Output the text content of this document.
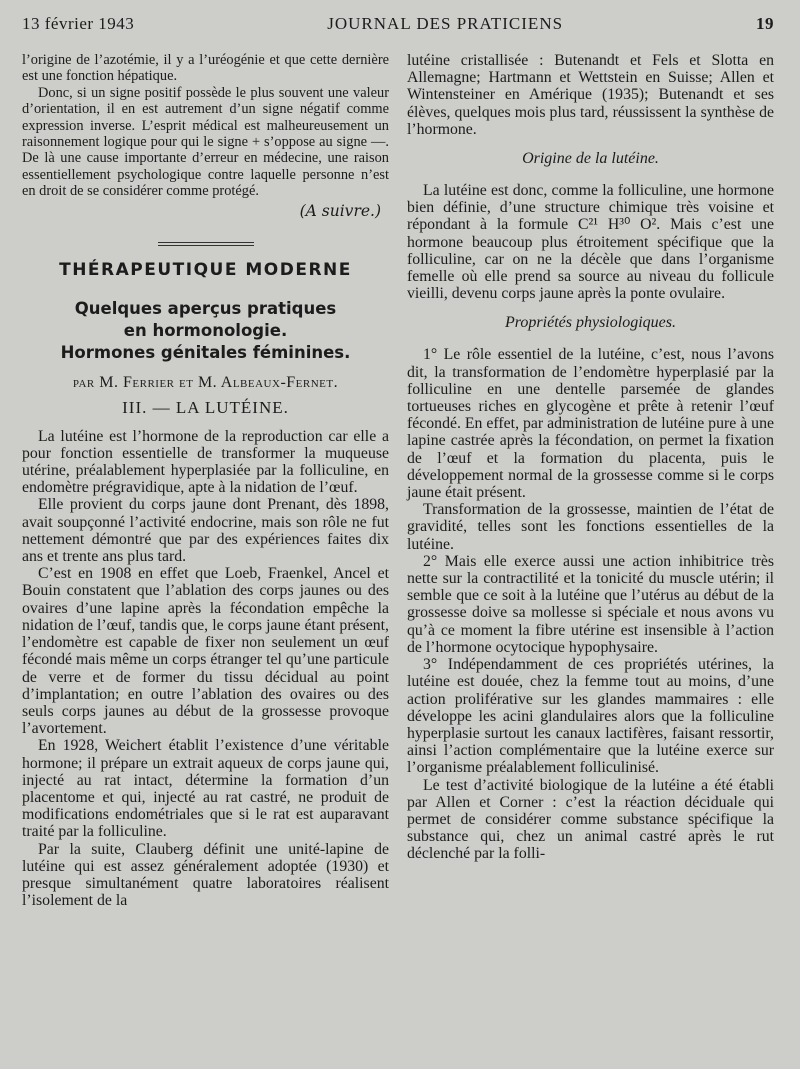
13 février 1943	JOURNAL DES PRATICIENS	19

l’origine de l’azotémie, il y a l’uréogénie et que cette dernière est une fonction hépatique.

Donc, si un signe positif possède le plus souvent une valeur d’orientation, il en est autrement d’un signe négatif comme expression inverse. L’esprit médical est malheureusement un raisonnement logique pour qui le signe + s’oppose au signe —. De là une cause importante d’erreur en médecine, une raison essentiellement psychologique contre laquelle personne n’est en droit de se considérer comme protégé.

(A suivre.)
THÉRAPEUTIQUE MODERNE
Quelques aperçus pratiques
en hormonologie.
Hormones génitales féminines.
par M. Ferrier et M. Albeaux-Fernet.
III. — LA LUTÉINE.

La lutéine est l’hormone de la reproduction car elle a pour fonction essentielle de transformer la muqueuse utérine, préalablement hyperplasiée par la folliculine, en endomètre prégravidique, apte à la nidation de l’œuf.

Elle provient du corps jaune dont Prenant, dès 1898, avait soupçonné l’activité endocrine, mais son rôle ne fut nettement démontré que par des expériences faites dix ans et trente ans plus tard.

C’est en 1908 en effet que Loeb, Fraenkel, Ancel et Bouin constatent que l’ablation des corps jaunes ou des ovaires d’une lapine après la fécondation empêche la nidation de l’œuf, tandis que, le corps jaune étant présent, l’endomètre est capable de fixer non seulement un œuf fécondé mais même un corps étranger tel qu’une particule de verre et de former du tissu décidual au point d’implantation; en outre l’ablation des ovaires ou des seuls corps jaunes au début de la grossesse provoque l’avortement.

En 1928, Weichert établit l’existence d’une véritable hormone; il prépare un extrait aqueux de corps jaune qui, injecté au rat intact, détermine la formation d’un placentome et qui, injecté au rat castré, ne produit de modifications endométriales que si le rat est auparavant traité par la folliculine.

Par la suite, Clauberg définit une unité-lapine de lutéine qui est assez généralement adoptée (1930) et presque simultanément quatre laboratoires réalisent l’isolement de la

lutéine cristallisée : Butenandt et Fels et Slotta en Allemagne; Hartmann et Wettstein en Suisse; Allen et Wintensteiner en Amérique (1935); Butenandt et ses élèves, quelques mois plus tard, réussissent la synthèse de l’hormone.

Origine de la lutéine.

La lutéine est donc, comme la folliculine, une hormone bien définie, d’une structure chimique très voisine et répondant à la formule C²¹ H³⁰ O². Mais c’est une hormone beaucoup plus étroitement spécifique que la folliculine, car on ne la décèle que dans l’organisme femelle où elle prend sa source au niveau du follicule vieilli, devenu corps jaune après la ponte ovulaire.

Propriétés physiologiques.

1° Le rôle essentiel de la lutéine, c’est, nous l’avons dit, la transformation de l’endomètre hyperplasié par la folliculine en une dentelle parsemée de glandes tortueuses riches en glycogène et prête à retenir l’œuf fécondé. En effet, par administration de lutéine pure à une lapine castrée après la fécondation, on permet la fixation de l’œuf et la formation du placenta, puis le développement normal de la grossesse comme si le corps jaune était présent.

Transformation de la grossesse, maintien de l’état de gravidité, telles sont les fonctions essentielles de la lutéine.

2° Mais elle exerce aussi une action inhibitrice très nette sur la contractilité et la tonicité du muscle utérin; il semble que ce soit à la lutéine que l’utérus au début de la grossesse doive sa mollesse si spéciale et nous avons vu qu’à ce moment la fibre utérine est insensible à l’action de l’hormone ocytocique hypophysaire.

3° Indépendamment de ces propriétés utérines, la lutéine est douée, chez la femme tout au moins, d’une action proliférative sur les glandes mammaires : elle développe les acini glandulaires alors que la folliculine hyperplasie surtout les canaux lactifères, faisant ressortir, ainsi l’action complémentaire que la lutéine exerce sur l’organisme préalablement folliculinisé.

Le test d’activité biologique de la lutéine a été établi par Allen et Corner : c’est la réaction déciduale qui permet de considérer comme substance spécifique la substance qui, chez un animal castré après le rut déclenché par la folli-
